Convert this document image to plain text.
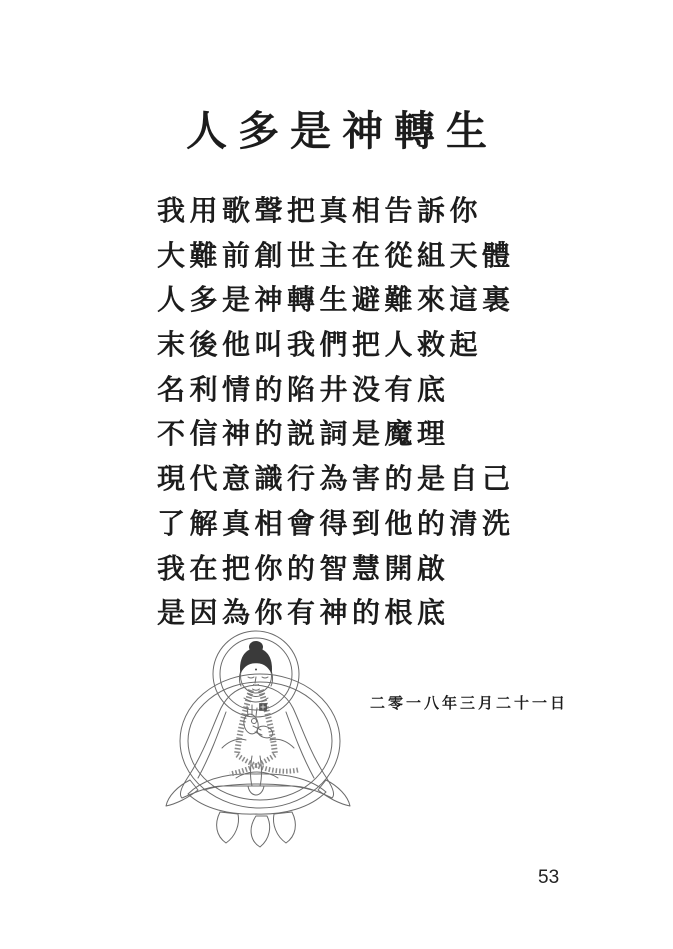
人多是神轉生
我用歌聲把真相告訴你
大難前創世主在從組天體
人多是神轉生避難來這裏
末後他叫我們把人救起
名利情的陷井没有底
不信神的説詞是魔理
現代意識行為害的是自己
了解真相會得到他的清洗
我在把你的智慧開啟
是因為你有神的根底
二零一八年三月二十一日
53
